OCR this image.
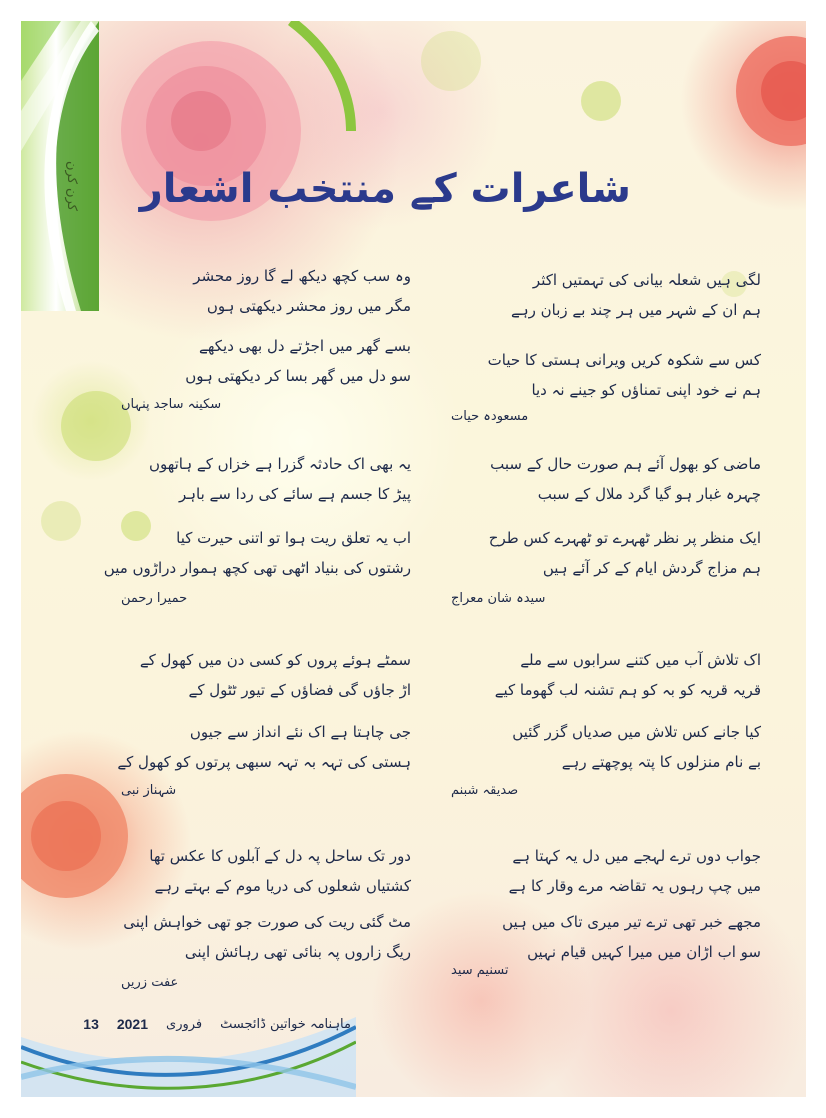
کرن کرن شاعرات کے منتخب اشعار
لگی ہیں شعلہ بیانی کی تہمتیں اکثر
ہم ان کے شہر میں ہر چند بے زبان رہے
کس سے شکوہ کریں ویرانی ہستی کا حیات
ہم نے خود اپنی تمناؤں کو جینے نہ دیا
مسعودہ حیات
وہ سب کچھ دیکھ لے گا روز محشر
مگر میں روز محشر دیکھتی ہوں
بسے گھر میں اجڑتے دل بھی دیکھے
سو دل میں گھر بسا کر دیکھتی ہوں
سکینہ ساجد پنہاں
ماضی کو بھول آئے ہم صورت حال کے سبب
چہرہ غبار ہو گیا گرد ملال کے سبب
ایک منظر پر نظر ٹھہرے تو ٹھہرے کس طرح
ہم مزاج گردش ایام کے کر آئے ہیں
سیدہ شان معراج
یہ بھی اک حادثہ گزرا ہے خزاں کے ہاتھوں
پیڑ کا جسم ہے سائے کی ردا سے باہر
اب یہ تعلق ریت ہوا تو اتنی حیرت کیا
رشتوں کی بنیاد اٹھی تھی کچھ ہموار دراڑوں میں
حمیرا رحمن
اک تلاش آب میں کتنے سرابوں سے ملے
قریہ قریہ کو بہ کو ہم تشنہ لب گھوما کیے
کیا جانے کس تلاش میں صدیاں گزر گئیں
بے نام منزلوں کا پتہ پوچھتے رہے
صدیقہ شبنم
سمٹے ہوئے پروں کو کسی دن میں کھول کے
اڑ جاؤں گی فضاؤں کے تیور ٹٹول کے
جی چاہتا ہے اک نئے انداز سے جیوں
ہستی کی تہہ بہ تہہ سبھی پرتوں کو کھول کے
شہناز نبی
جواب دوں ترے لہجے میں دل یہ کہتا ہے
میں چپ رہوں یہ تقاضہ مرے وقار کا ہے
مجھے خبر تھی ترے تیر میری تاک میں ہیں
سو اب اڑان میں میرا کہیں قیام نہیں
تسنیم سید
دور تک ساحل پہ دل کے آبلوں کا عکس تھا
کشتیاں شعلوں کی دریا موم کے بہتے رہے
مٹ گئی ریت کی صورت جو تھی خواہش اپنی
ریگ زاروں پہ بنائی تھی رہائش اپنی
عفت زریں
13 2021 فروری ماہنامہ خواتین ڈائجسٹ
